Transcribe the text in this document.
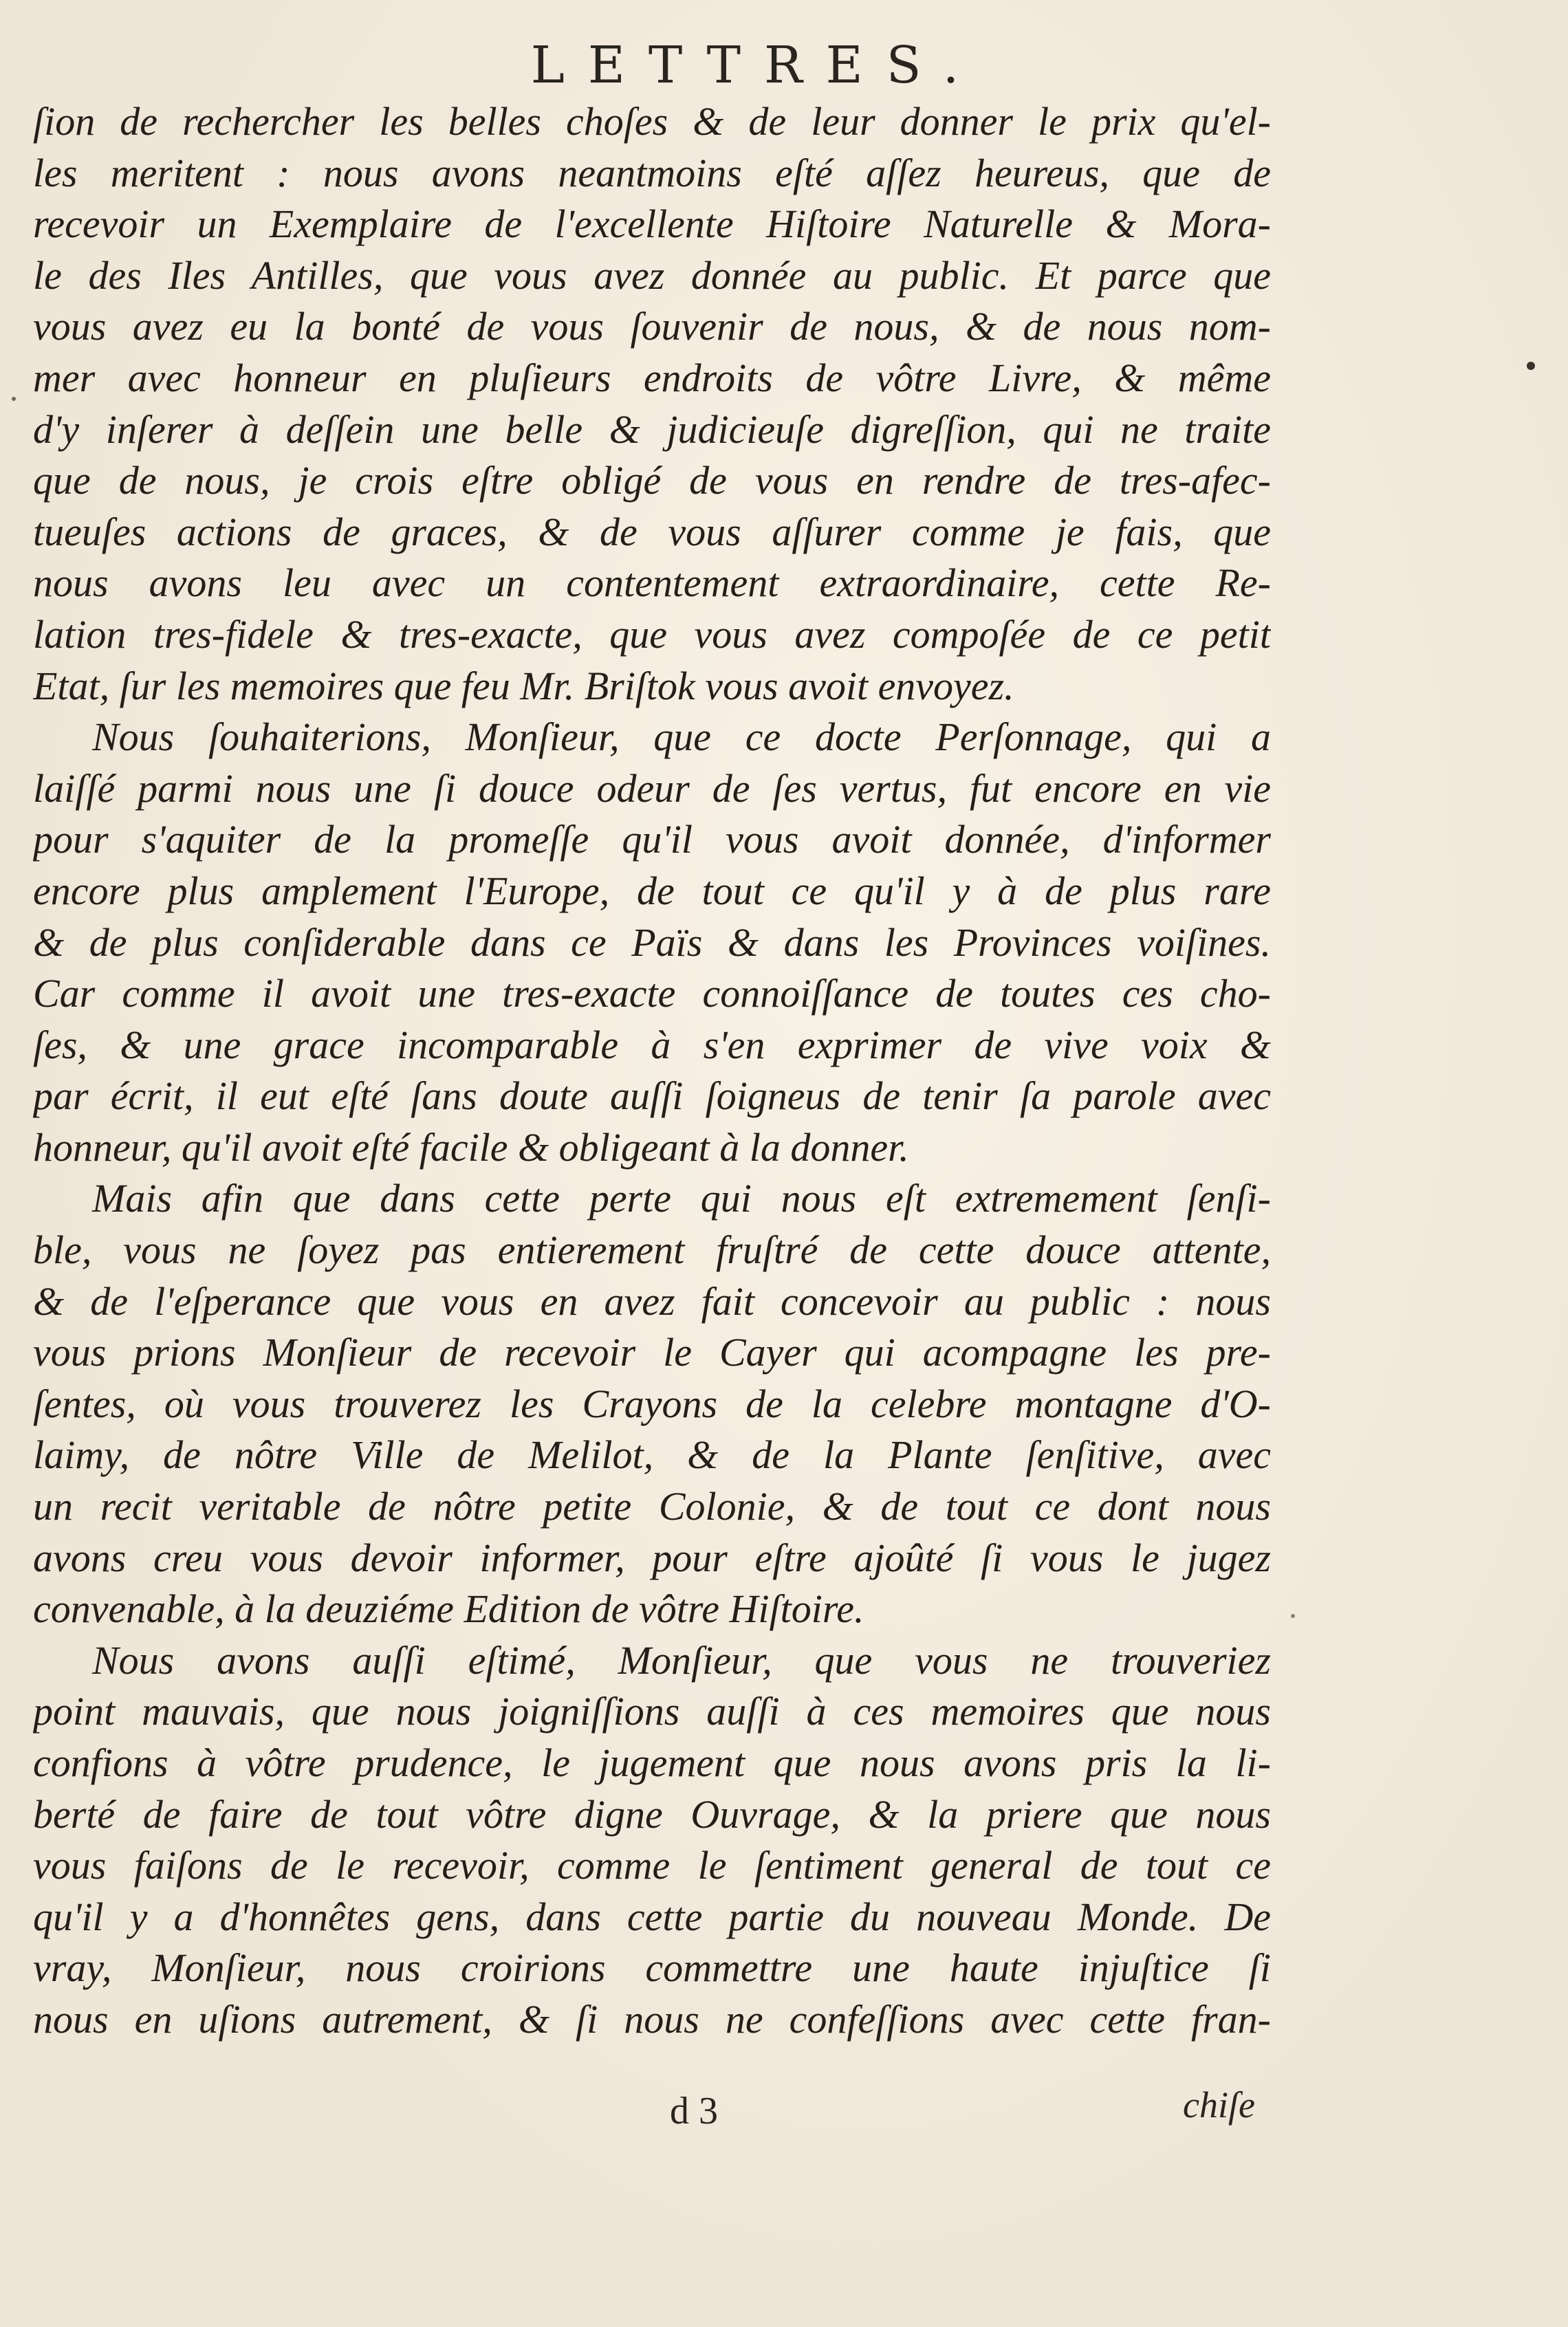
LETTRES.
ſion de rechercher les belles choſes & de leur donner le prix qu'el-
les meritent : nous avons neantmoins eſté aſſez heureus, que de
recevoir un Exemplaire de l'excellente Hiſtoire Naturelle & Mora-
le des Iles Antilles, que vous avez donnée au public. Et parce que
vous avez eu la bonté de vous ſouvenir de nous, & de nous nom-
mer avec honneur en pluſieurs endroits de vôtre Livre, & même
d'y inſerer à deſſein une belle & judicieuſe digreſſion, qui ne traite
que de nous, je crois eſtre obligé de vous en rendre de tres-afec-
tueuſes actions de graces, & de vous aſſurer comme je fais, que
nous avons leu avec un contentement extraordinaire, cette Re-
lation tres-fidele & tres-exacte, que vous avez compoſée de ce petit
Etat, ſur les memoires que feu Mr. Briſtok vous avoit envoyez.
Nous ſouhaiterions, Monſieur, que ce docte Perſonnage, qui a
laiſſé parmi nous une ſi douce odeur de ſes vertus, fut encore en vie
pour s'aquiter de la promeſſe qu'il vous avoit donnée, d'informer
encore plus amplement l'Europe, de tout ce qu'il y à de plus rare
& de plus conſiderable dans ce Païs & dans les Provinces voiſines.
Car comme il avoit une tres-exacte connoiſſance de toutes ces cho-
ſes, & une grace incomparable à s'en exprimer de vive voix &
par écrit, il eut eſté ſans doute auſſi ſoigneus de tenir ſa parole avec
honneur, qu'il avoit eſté facile & obligeant à la donner.
Mais afin que dans cette perte qui nous eſt extremement ſenſi-
ble, vous ne ſoyez pas entierement fruſtré de cette douce attente,
& de l'eſperance que vous en avez fait concevoir au public : nous
vous prions Monſieur de recevoir le Cayer qui acompagne les pre-
ſentes, où vous trouverez les Crayons de la celebre montagne d'O-
laimy, de nôtre Ville de Melilot, & de la Plante ſenſitive, avec
un recit veritable de nôtre petite Colonie, & de tout ce dont nous
avons creu vous devoir informer, pour eſtre ajoûté ſi vous le jugez
convenable, à la deuziéme Edition de vôtre Hiſtoire.
Nous avons auſſi eſtimé, Monſieur, que vous ne trouveriez
point mauvais, que nous joigniſſions auſſi à ces memoires que nous
confions à vôtre prudence, le jugement que nous avons pris la li-
berté de faire de tout vôtre digne Ouvrage, & la priere que nous
vous faiſons de le recevoir, comme le ſentiment general de tout ce
qu'il y a d'honnêtes gens, dans cette partie du nouveau Monde. De
vray, Monſieur, nous croirions commettre une haute injuſtice ſi
nous en uſions autrement, & ſi nous ne confeſſions avec cette fran-
d 3	chiſe
